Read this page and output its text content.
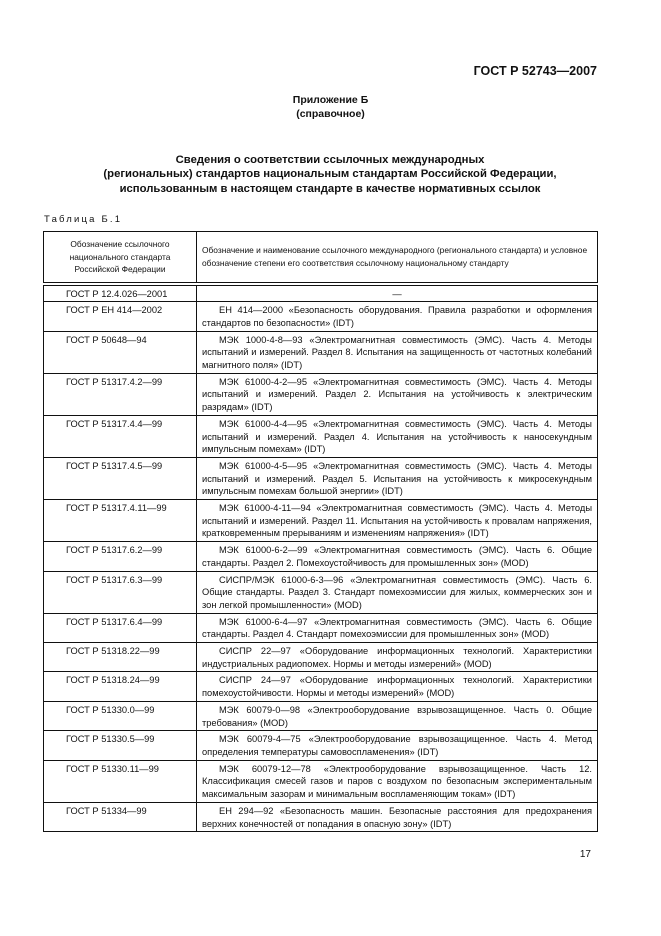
ГОСТ Р 52743—2007
Приложение Б
(справочное)
Сведения о соответствии ссылочных международных
(региональных) стандартов национальным стандартам Российской Федерации,
использованным в настоящем стандарте в качестве нормативных ссылок
Таблица Б.1
Обозначение ссылочного национального стандарта Российской Федерации	Обозначение и наименование ссылочного международного (регионального стандарта) и условное обозначение степени его соответствия ссылочному национальному стандарту
ГОСТ Р 12.4.026—2001	—
ГОСТ Р ЕН 414—2002	ЕН 414—2000 «Безопасность оборудования. Правила разработки и оформления стандартов по безопасности» (IDT)
ГОСТ Р 50648—94	МЭК 1000-4-8—93 «Электромагнитная совместимость (ЭМС). Часть 4. Методы испытаний и измерений. Раздел 8. Испытания на защищенность от частотных колебаний магнитного поля» (IDT)
ГОСТ Р 51317.4.2—99	МЭК 61000-4-2—95 «Электромагнитная совместимость (ЭМС). Часть 4. Методы испытаний и измерений. Раздел 2. Испытания на устойчивость к электрическим разрядам» (IDT)
ГОСТ Р 51317.4.4—99	МЭК 61000-4-4—95 «Электромагнитная совместимость (ЭМС). Часть 4. Методы испытаний и измерений. Раздел 4. Испытания на устойчивость к наносекундным импульсным помехам» (IDT)
ГОСТ Р 51317.4.5—99	МЭК 61000-4-5—95 «Электромагнитная совместимость (ЭМС). Часть 4. Методы испытаний и измерений. Раздел 5. Испытания на устойчивость к микросекундным импульсным помехам большой энергии» (IDT)
ГОСТ Р 51317.4.11—99	МЭК 61000-4-11—94 «Электромагнитная совместимость (ЭМС). Часть 4. Методы испытаний и измерений. Раздел 11. Испытания на устойчивость к провалам напряжения, кратковременным прерываниям и изменениям напряжения» (IDT)
ГОСТ Р 51317.6.2—99	МЭК 61000-6-2—99 «Электромагнитная совместимость (ЭМС). Часть 6. Общие стандарты. Раздел 2. Помехоустойчивость для промышленных зон» (MOD)
ГОСТ Р 51317.6.3—99	СИСПР/МЭК 61000-6-3—96 «Электромагнитная совместимость (ЭМС). Часть 6. Общие стандарты. Раздел 3. Стандарт помехоэмиссии для жилых, коммерческих зон и зон легкой промышленности» (MOD)
ГОСТ Р 51317.6.4—99	МЭК 61000-6-4—97 «Электромагнитная совместимость (ЭМС). Часть 6. Общие стандарты. Раздел 4. Стандарт помехоэмиссии для промышленных зон» (MOD)
ГОСТ Р 51318.22—99	СИСПР 22—97 «Оборудование информационных технологий. Характеристики индустриальных радиопомех. Нормы и методы измерений» (MOD)
ГОСТ Р 51318.24—99	СИСПР 24—97 «Оборудование информационных технологий. Характеристики помехоустойчивости. Нормы и методы измерений» (MOD)
ГОСТ Р 51330.0—99	МЭК 60079-0—98 «Электрооборудование взрывозащищенное. Часть 0. Общие требования» (MOD)
ГОСТ Р 51330.5—99	МЭК 60079-4—75 «Электрооборудование взрывозащищенное. Часть 4. Метод определения температуры самовоспламенения» (IDT)
ГОСТ Р 51330.11—99	МЭК 60079-12—78 «Электрооборудование взрывозащищенное. Часть 12. Классификация смесей газов и паров с воздухом по безопасным экспериментальным максимальным зазорам и минимальным воспламеняющим токам» (IDT)
ГОСТ Р 51334—99	ЕН 294—92 «Безопасность машин. Безопасные расстояния для предохранения верхних конечностей от попадания в опасную зону» (IDT)
17
